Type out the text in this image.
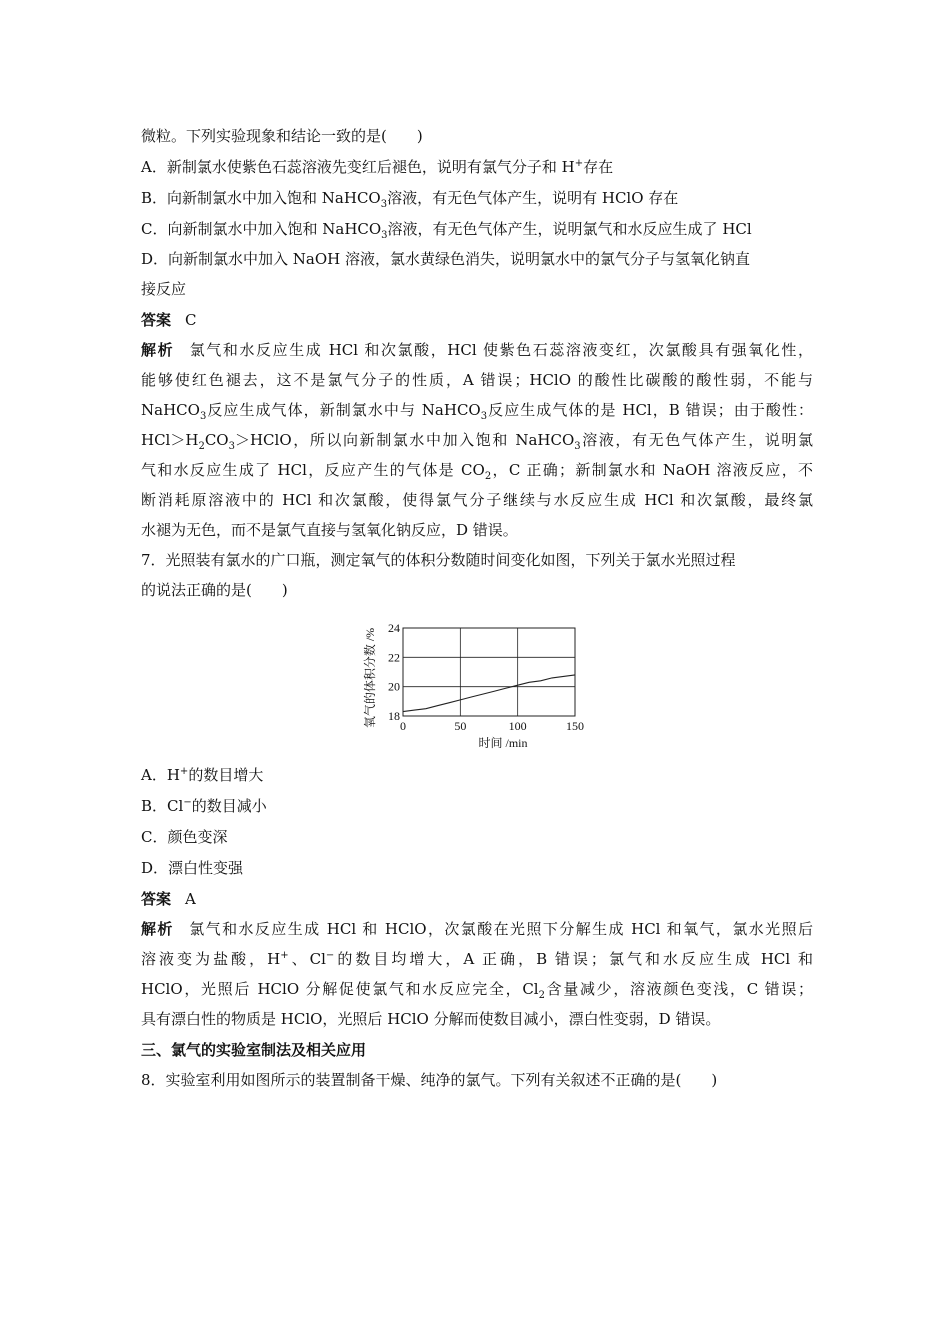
微粒。下列实验现象和结论一致的是(　　)
A．新制氯水使紫色石蕊溶液先变红后褪色，说明有氯气分子和 H+存在
B．向新制氯水中加入饱和 NaHCO$_3$溶液，有无色气体产生，说明有 HClO 存在
C．向新制氯水中加入饱和 NaHCO$_3$溶液，有无色气体产生，说明氯气和水反应生成了 HCl
D．向新制氯水中加入 NaOH 溶液，氯水黄绿色消失，说明氯水中的氯气分子与氢氧化钠直
接反应
答案 C
解析 氯气和水反应生成 HCl 和次氯酸，HCl 使紫色石蕊溶液变红，次氯酸具有强氧化性，
能够使红色褪去，这不是氯气分子的性质，A 错误；HClO 的酸性比碳酸的酸性弱，不能与
NaHCO$_3$反应生成气体，新制氯水中与 NaHCO$_3$反应生成气体的是 HCl，B 错误；由于酸性：
$HCl>H_2CO_3>HClO$，所以向新制氯水中加入饱和 NaHCO$_3$溶液，有无色气体产生，说明氯
气和水反应生成了 HCl，反应产生的气体是 $CO_2$，C 正确；新制氯水和 NaOH 溶液反应，不
断消耗原溶液中的 HCl 和次氯酸，使得氯气分子继续与水反应生成 HCl 和次氯酸，最终氯
水褪为无色，而不是氯气直接与氢氧化钠反应，D 错误。
7．光照装有氯水的广口瓶，测定氧气的体积分数随时间变化如图，下列关于氯水光照过程
的说法正确的是(　　)
18
20
22
24
0	50	100	150
氧气的体积分数 /%
时间 /min
A．H+的数目增大
B．Cl−的数目减小
C．颜色变深
D．漂白性变强
答案 A
解析 氯气和水反应生成 HCl 和 HClO，次氯酸在光照下分解生成 HCl 和氧气，氯水光照后
溶液变为盐酸，H+、Cl−的数目均增大，A 正确，B 错误；氯气和水反应生成 HCl 和
HClO，光照后 HClO 分解促使氯气和水反应完全，$Cl_2$含量减少，溶液颜色变浅，C 错误；
具有漂白性的物质是 HClO，光照后 HClO 分解而使数目减小，漂白性变弱，D 错误。
三、氯气的实验室制法及相关应用
8．实验室利用如图所示的装置制备干燥、纯净的氯气。下列有关叙述不正确的是(　　)
